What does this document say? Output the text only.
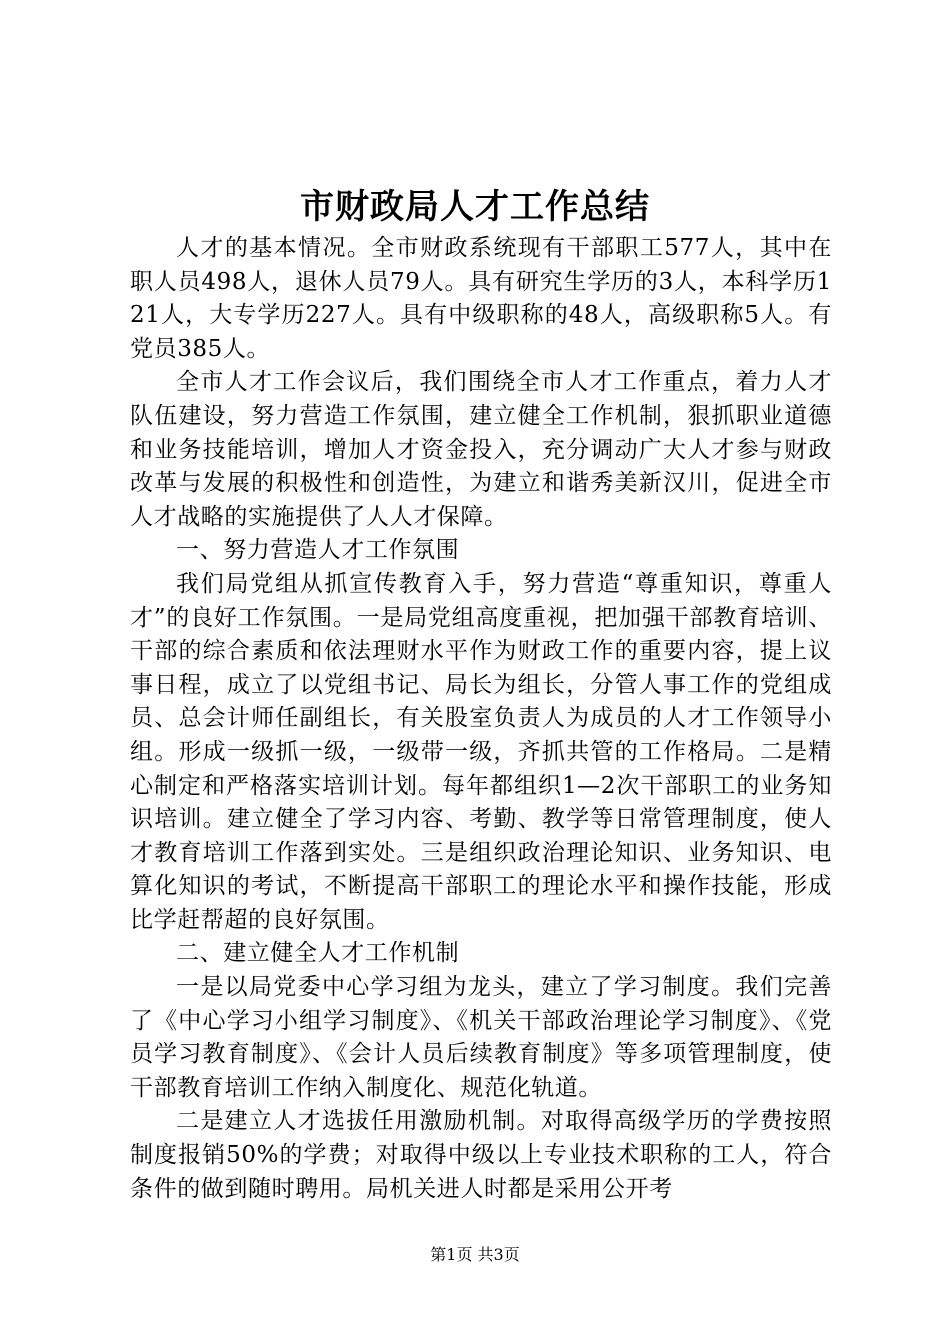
市财政局人才工作总结

人才的基本情况。全市财政系统现有干部职工577人，其中在职人员498人，退休人员79人。具有研究生学历的3人，本科学历121人，大专学历227人。具有中级职称的48人，高级职称5人。有党员385人。

全市人才工作会议后，我们围绕全市人才工作重点，着力人才队伍建设，努力营造工作氛围，建立健全工作机制，狠抓职业道德和业务技能培训，增加人才资金投入，充分调动广大人才参与财政改革与发展的积极性和创造性，为建立和谐秀美新汉川，促进全市人才战略的实施提供了人人才保障。

一、努力营造人才工作氛围

我们局党组从抓宣传教育入手，努力营造“尊重知识，尊重人才”的良好工作氛围。一是局党组高度重视，把加强干部教育培训、干部的综合素质和依法理财水平作为财政工作的重要内容，提上议事日程，成立了以党组书记、局长为组长，分管人事工作的党组成员、总会计师任副组长，有关股室负责人为成员的人才工作领导小组。形成一级抓一级，一级带一级，齐抓共管的工作格局。二是精心制定和严格落实培训计划。每年都组织1—2次干部职工的业务知识培训。建立健全了学习内容、考勤、教学等日常管理制度，使人才教育培训工作落到实处。三是组织政治理论知识、业务知识、电算化知识的考试，不断提高干部职工的理论水平和操作技能，形成比学赶帮超的良好氛围。

二、建立健全人才工作机制

一是以局党委中心学习组为龙头，建立了学习制度。我们完善了《中心学习小组学习制度》、《机关干部政治理论学习制度》、《党员学习教育制度》、《会计人员后续教育制度》等多项管理制度，使干部教育培训工作纳入制度化、规范化轨道。

二是建立人才选拔任用激励机制。对取得高级学历的学费按照制度报销50%的学费；对取得中级以上专业技术职称的工人，符合条件的做到随时聘用。局机关进人时都是采用公开考

第1页 共3页
